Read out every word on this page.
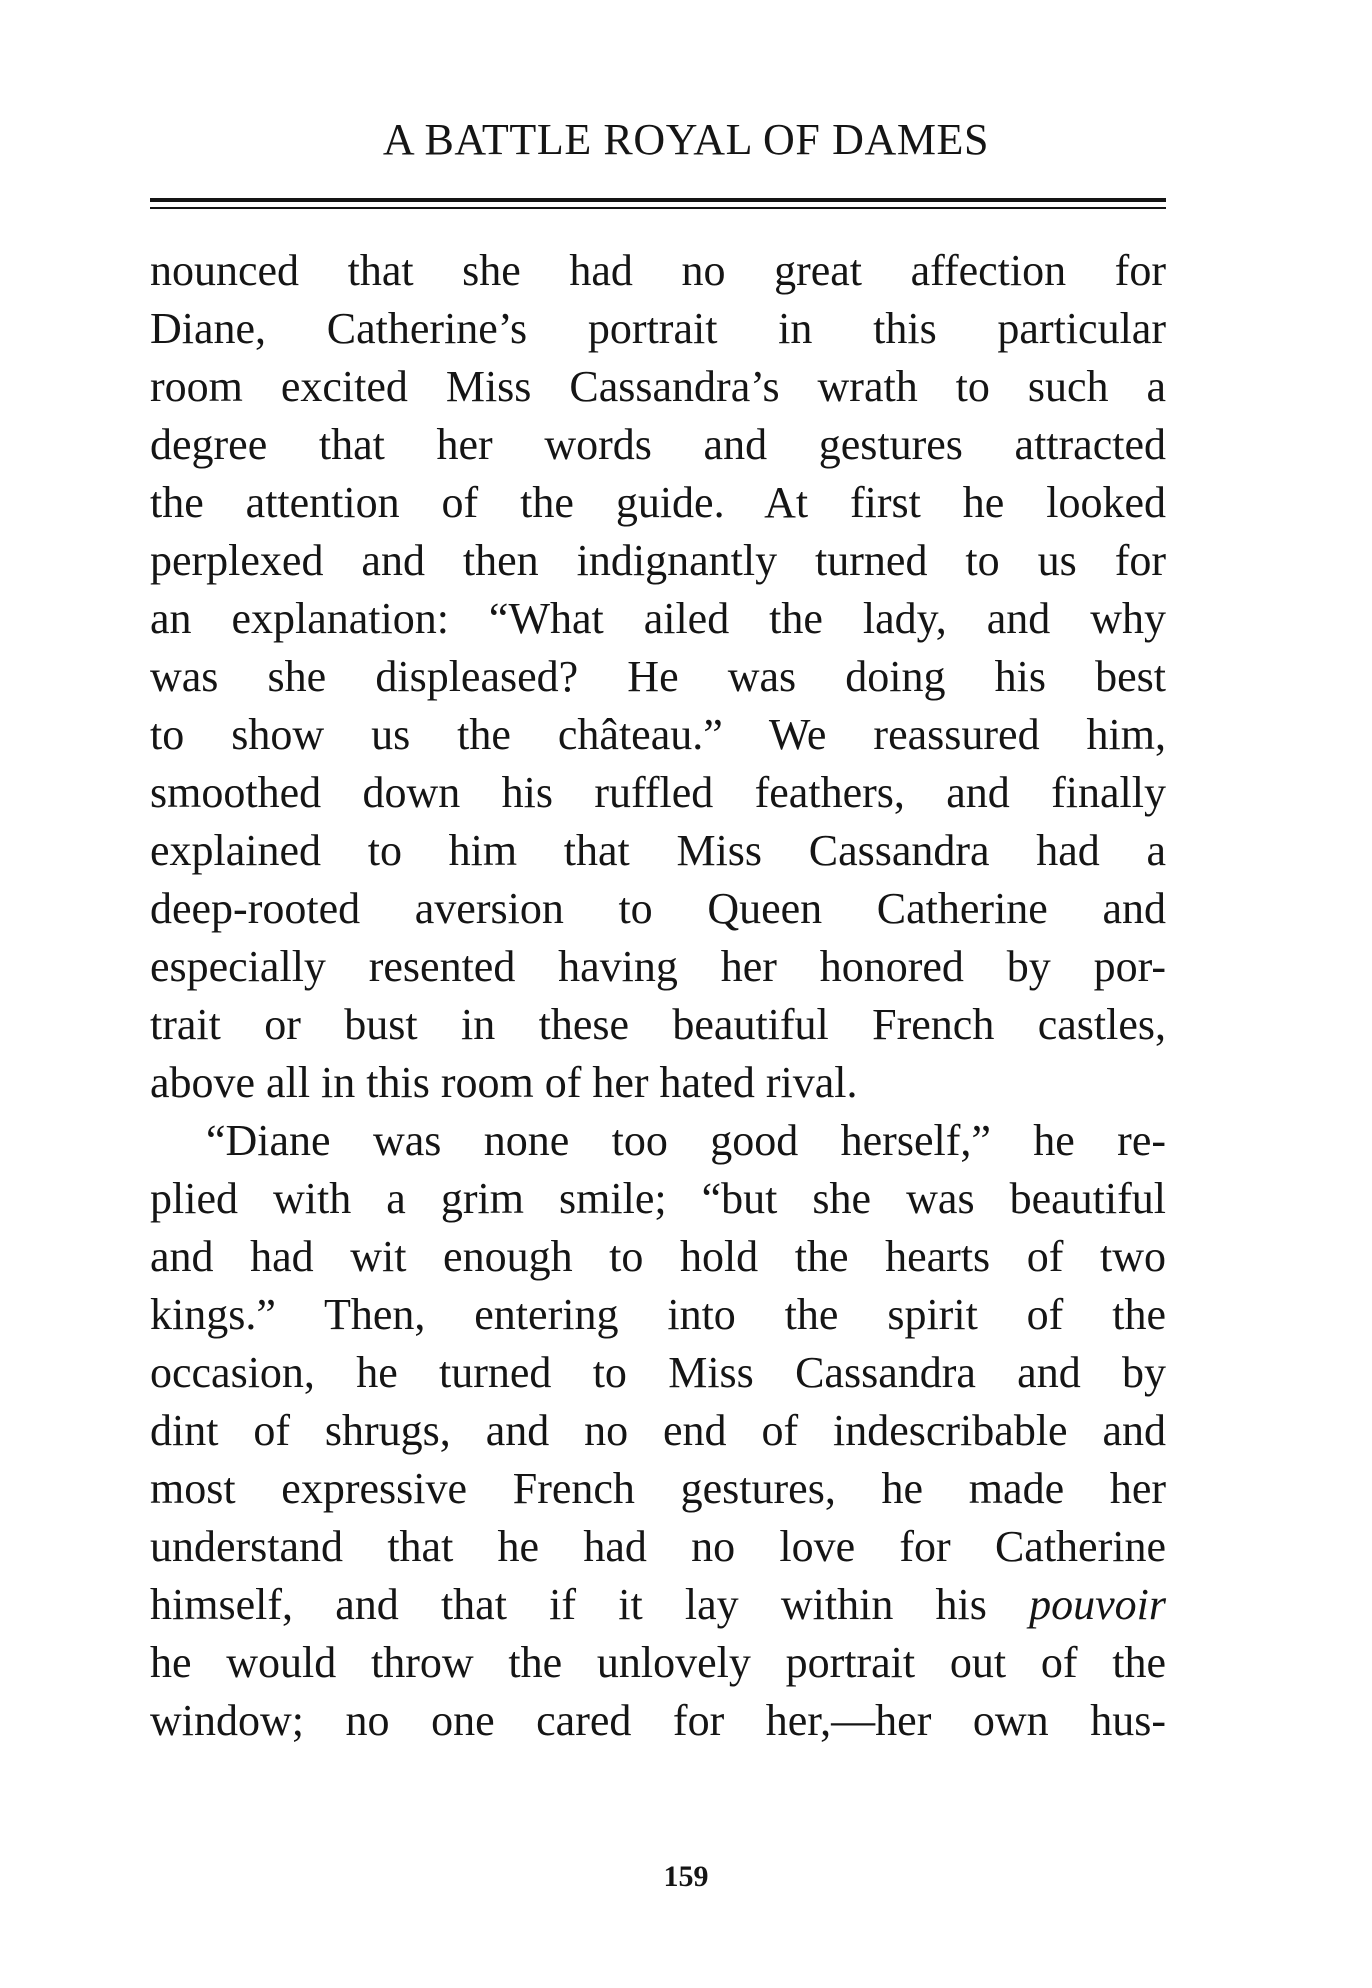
A BATTLE ROYAL OF DAMES
nounced that she had no great affection for
Diane, Catherine’s portrait in this particular
room excited Miss Cassandra’s wrath to such a
degree that her words and gestures attracted
the attention of the guide. At first he looked
perplexed and then indignantly turned to us for
an explanation: “What ailed the lady, and why
was she displeased? He was doing his best
to show us the château.” We reassured him,
smoothed down his ruffled feathers, and finally
explained to him that Miss Cassandra had a
deep-rooted aversion to Queen Catherine and
especially resented having her honored by por-
trait or bust in these beautiful French castles,
above all in this room of her hated rival.
“Diane was none too good herself,” he re-
plied with a grim smile; “but she was beautiful
and had wit enough to hold the hearts of two
kings.” Then, entering into the spirit of the
occasion, he turned to Miss Cassandra and by
dint of shrugs, and no end of indescribable and
most expressive French gestures, he made her
understand that he had no love for Catherine
himself, and that if it lay within his pouvoir
he would throw the unlovely portrait out of the
window; no one cared for her,—her own hus-
159
